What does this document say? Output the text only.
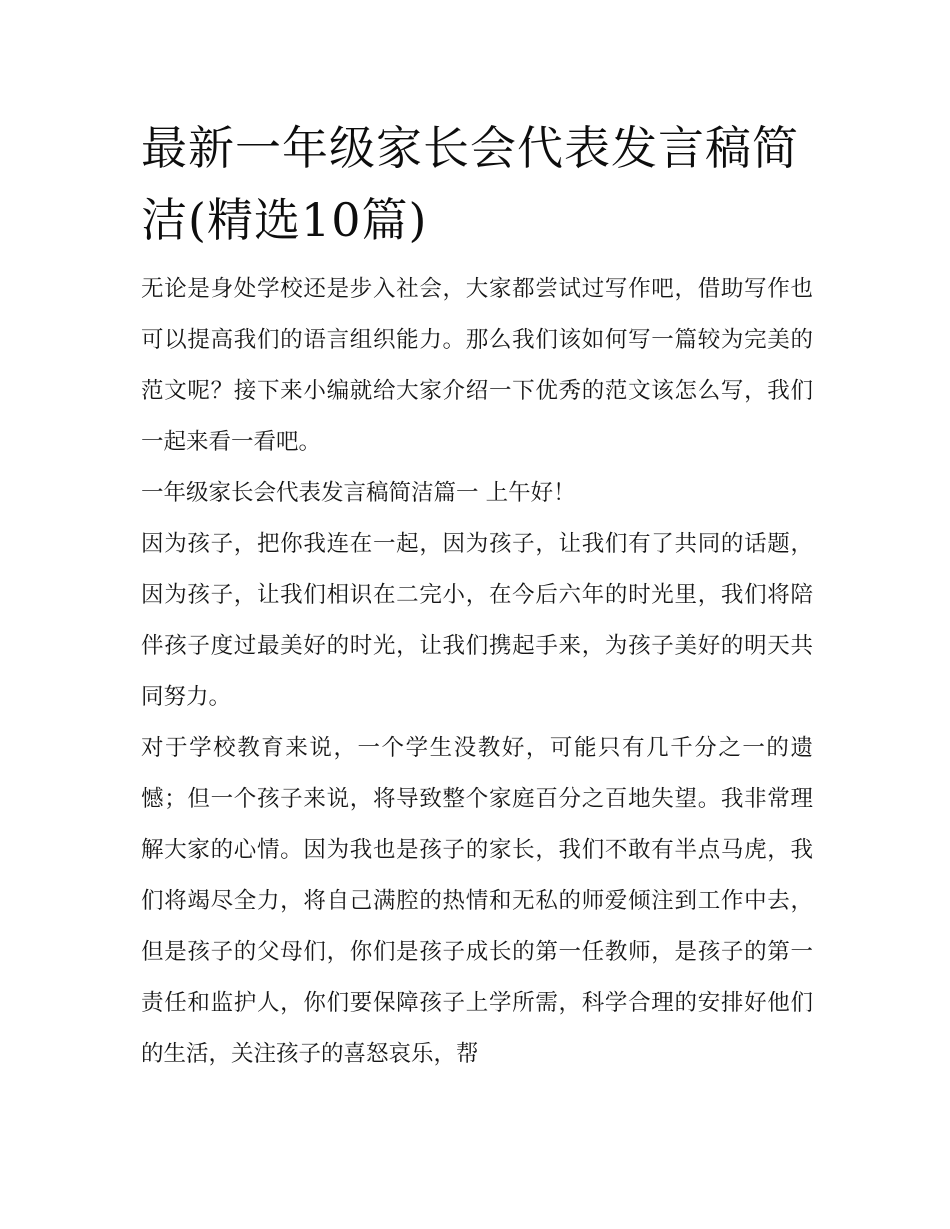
最新一年级家长会代表发言稿简洁(精选10篇)

无论是身处学校还是步入社会，大家都尝试过写作吧，借助写作也可以提高我们的语言组织能力。那么我们该如何写一篇较为完美的范文呢？接下来小编就给大家介绍一下优秀的范文该怎么写，我们一起来看一看吧。

一年级家长会代表发言稿简洁篇一 上午好！

因为孩子，把你我连在一起，因为孩子，让我们有了共同的话题，因为孩子，让我们相识在二完小，在今后六年的时光里，我们将陪伴孩子度过最美好的时光，让我们携起手来，为孩子美好的明天共同努力。

对于学校教育来说，一个学生没教好，可能只有几千分之一的遗憾；但一个孩子来说，将导致整个家庭百分之百地失望。我非常理解大家的心情。因为我也是孩子的家长，我们不敢有半点马虎，我们将竭尽全力，将自己满腔的热情和无私的师爱倾注到工作中去，但是孩子的父母们，你们是孩子成长的第一任教师，是孩子的第一责任和监护人，你们要保障孩子上学所需，科学合理的安排好他们的生活，关注孩子的喜怒哀乐，帮
